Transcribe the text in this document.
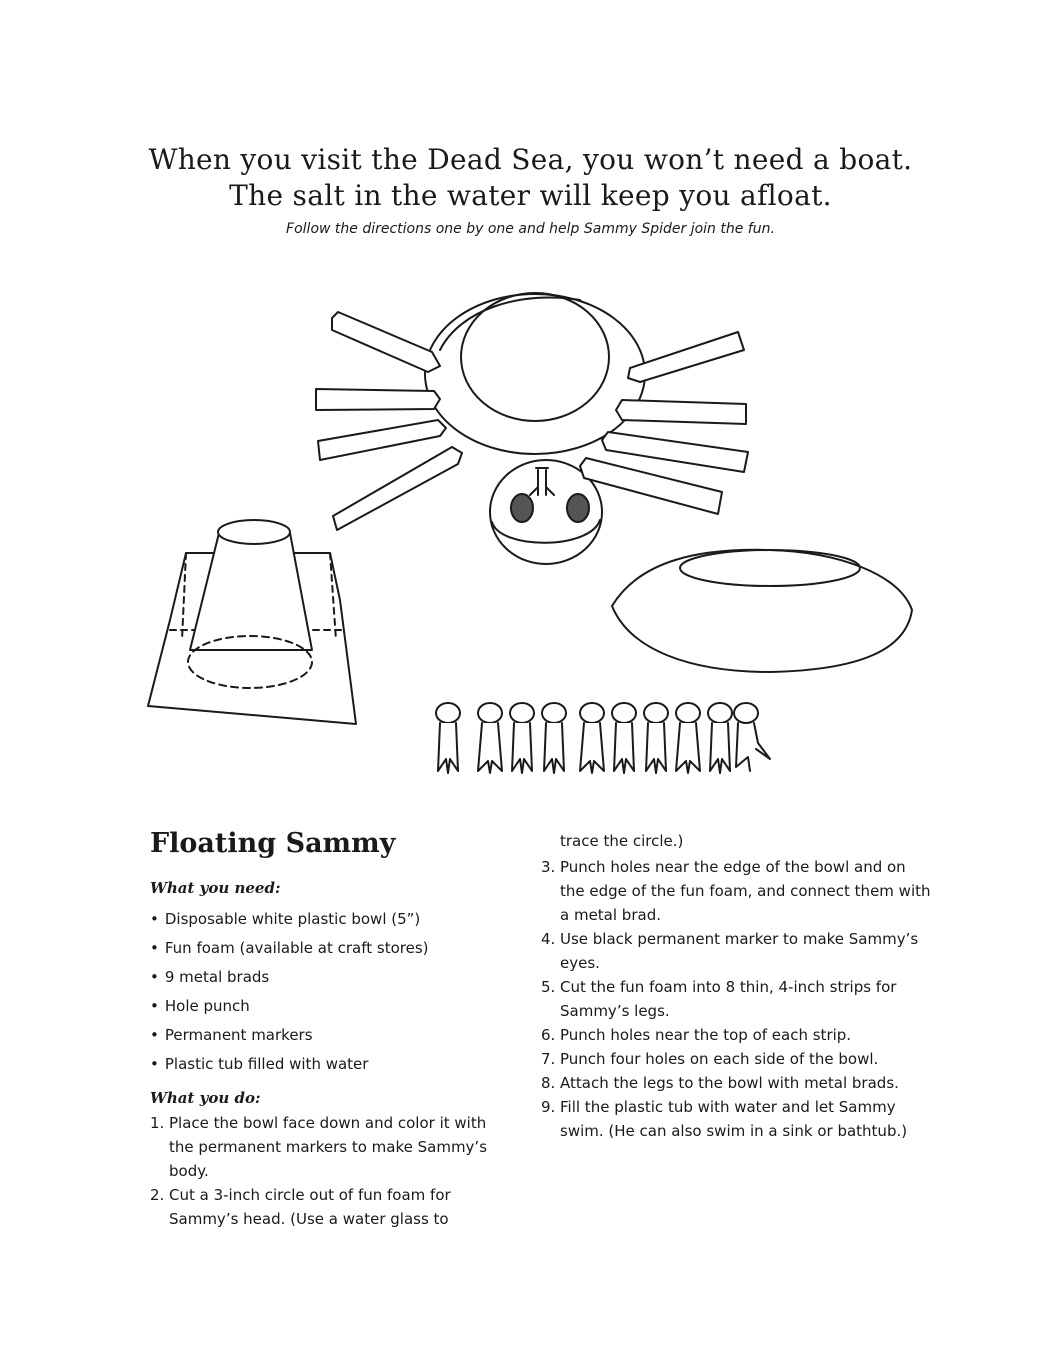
When you visit the Dead Sea, you won’t need a boat.
The salt in the water will keep you afloat.
Follow the directions one by one and help Sammy Spider join the fun.
Floating Sammy

What you need:

• Disposable white plastic bowl (5”)
• Fun foam (available at craft stores)
• 9 metal brads
• Hole punch
• Permanent markers
• Plastic tub filled with water

What you do:

1. Place the bowl face down and color it with the permanent markers to make Sammy’s body.
2. Cut a 3-inch circle out of fun foam for Sammy’s head. (Use a water glass to
trace the circle.)
3. Punch holes near the edge of the bowl and on the edge of the fun foam, and connect them with a metal brad.
4. Use black permanent marker to make Sammy’s eyes.
5. Cut the fun foam into 8 thin, 4-inch strips for Sammy’s legs.
6. Punch holes near the top of each strip.
7. Punch four holes on each side of the bowl.
8. Attach the legs to the bowl with metal brads.
9. Fill the plastic tub with water and let Sammy swim. (He can also swim in a sink or bathtub.)
